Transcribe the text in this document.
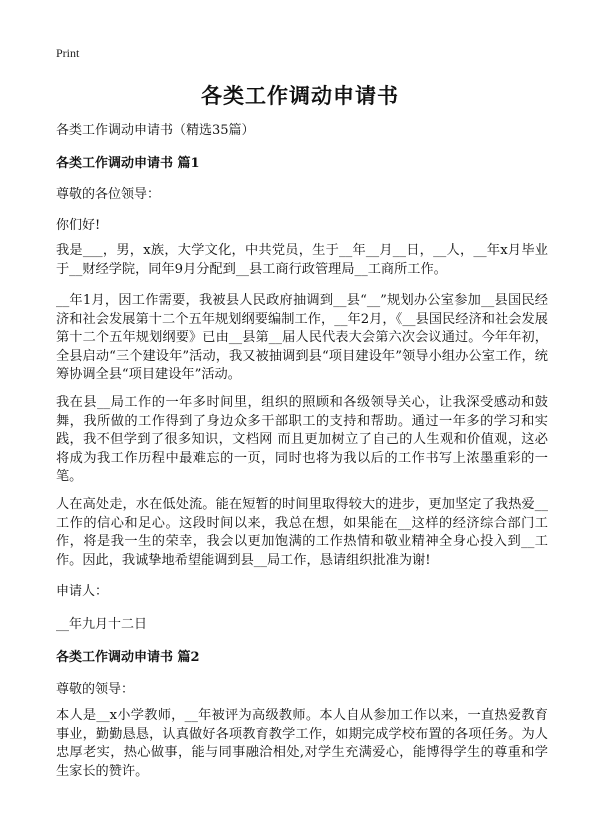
Print
各类工作调动申请书
各类工作调动申请书（精选35篇）
各类工作调动申请书 篇1
尊敬的各位领导：
你们好!
我是___，男，x族，大学文化，中共党员，生于__年__月__日，__人，__年x月毕业于__财经学院，同年9月分配到__县工商行政管理局__工商所工作。
__年1月，因工作需要，我被县人民政府抽调到__县“__”规划办公室参加__县国民经济和社会发展第十二个五年规划纲要编制工作，__年2月，《__县国民经济和社会发展第十二个五年规划纲要》已由__县第__届人民代表大会第六次会议通过。今年年初，全县启动“三个建设年”活动，我又被抽调到县“项目建设年”领导小组办公室工作，统筹协调全县“项目建设年”活动。
我在县__局工作的一年多时间里，组织的照顾和各级领导关心，让我深受感动和鼓舞，我所做的工作得到了身边众多干部职工的支持和帮助。通过一年多的学习和实践，我不但学到了很多知识，文档网 而且更加树立了自己的人生观和价值观，这必将成为我工作历程中最难忘的一页，同时也将为我以后的工作书写上浓墨重彩的一笔。
人在高处走，水在低处流。能在短暂的时间里取得较大的进步，更加坚定了我热爱__工作的信心和足心。这段时间以来，我总在想，如果能在__这样的经济综合部门工作，将是我一生的荣幸，我会以更加饱满的工作热情和敬业精神全身心投入到__工作。因此，我诚挚地希望能调到县__局工作，恳请组织批准为谢!
申请人：
__年九月十二日
各类工作调动申请书 篇2
尊敬的领导：
本人是__x小学教师，__年被评为高级教师。本人自从参加工作以来，一直热爱教育事业，勤勤恳恳，认真做好各项教育教学工作，如期完成学校布置的各项任务。为人忠厚老实，热心做事，能与同事融洽相处,对学生充满爱心，能博得学生的尊重和学生家长的赞许。
